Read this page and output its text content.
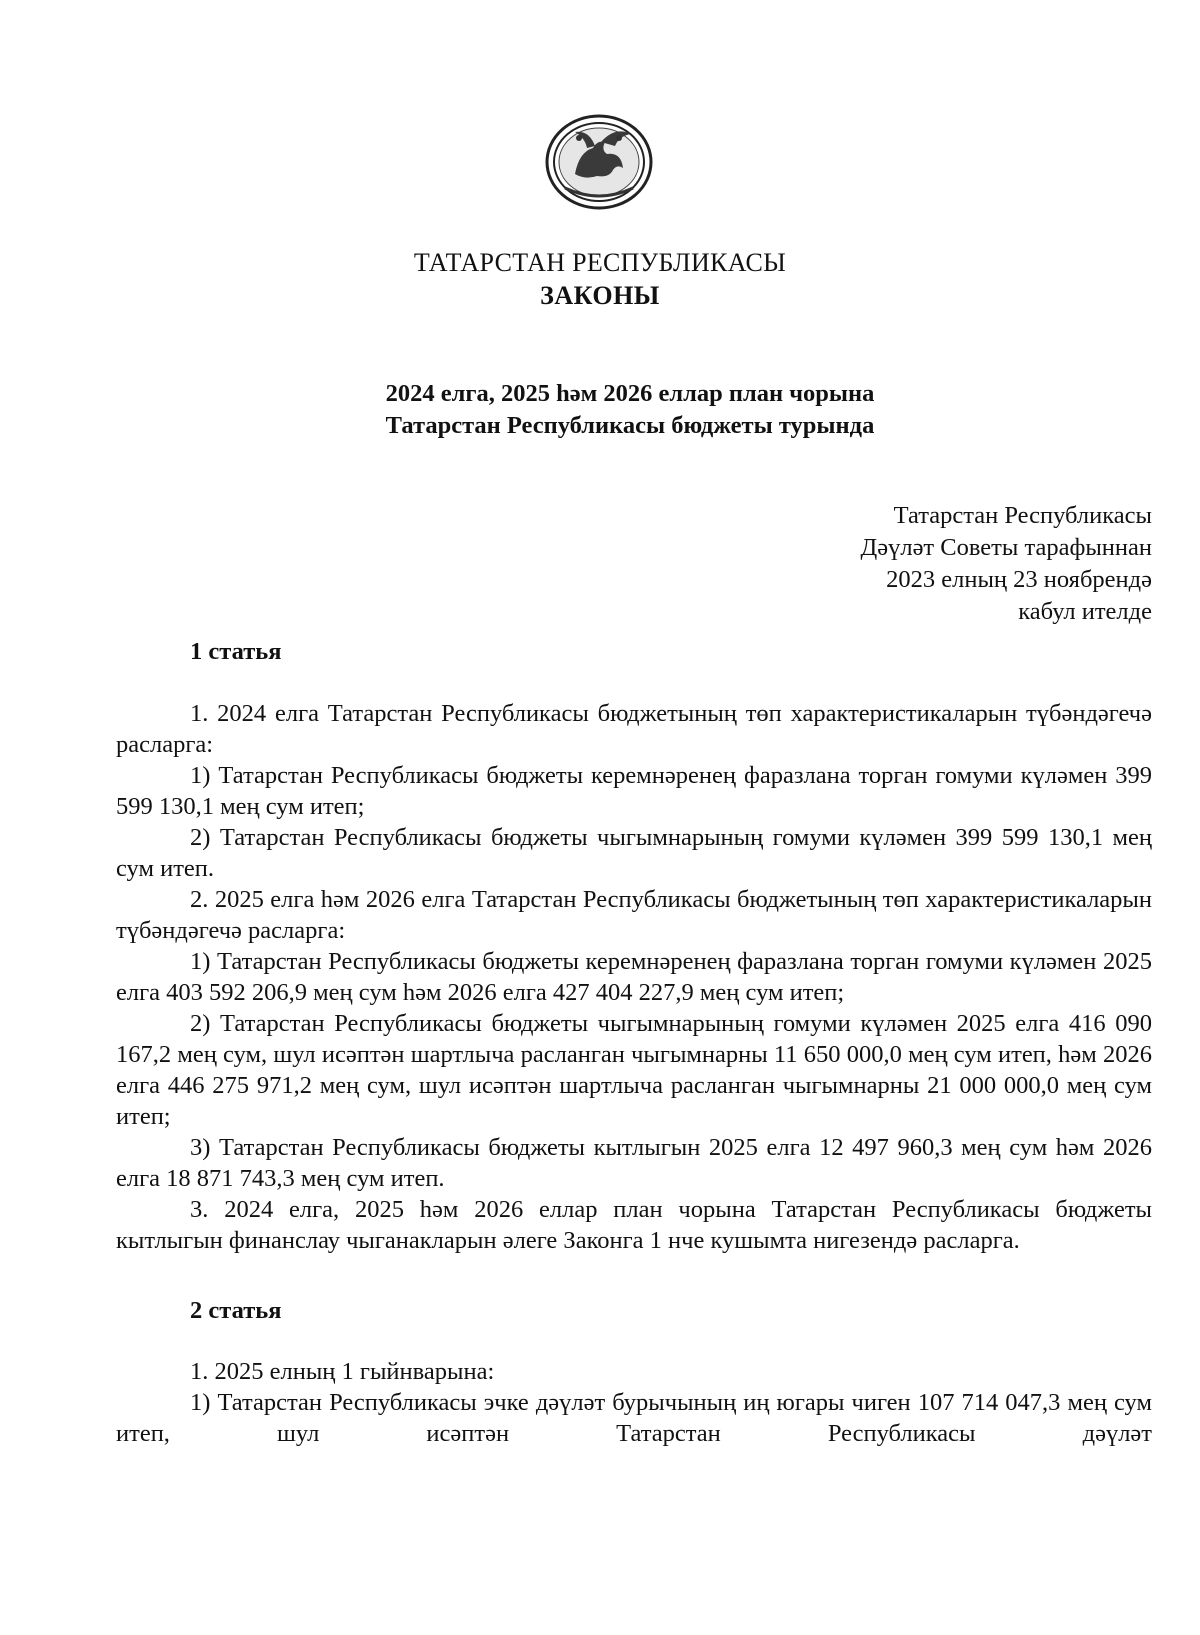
ТАТАРСТАН РЕСПУБЛИКАСЫ
ЗАКОНЫ
2024 елга, 2025 һәм 2026 еллар план чорына
Татарстан Республикасы бюджеты турында
Татарстан Республикасы
Дәүләт Советы тарафыннан
2023 елның 23 ноябрендә
кабул ителде
1 статья

1. 2024 елга Татарстан Республикасы бюджетының төп характеристикаларын түбәндәгечә расларга:

1) Татарстан Республикасы бюджеты керемнәренең фаразлана торган гомуми күләмен 399 599 130,1 мең сум итеп;

2) Татарстан Республикасы бюджеты чыгымнарының гомуми күләмен 399 599 130,1 мең сум итеп.

2. 2025 елга һәм 2026 елга Татарстан Республикасы бюджетының төп характеристикаларын түбәндәгечә расларга:

1) Татарстан Республикасы бюджеты керемнәренең фаразлана торган гомуми күләмен 2025 елга 403 592 206,9 мең сум һәм 2026 елга 427 404 227,9 мең сум итеп;

2) Татарстан Республикасы бюджеты чыгымнарының гомуми күләмен 2025 елга 416 090 167,2 мең сум, шул исәптән шартлыча расланган чыгымнарны 11 650 000,0 мең сум итеп, һәм 2026 елга 446 275 971,2 мең сум, шул исәптән шартлыча расланган чыгымнарны 21 000 000,0 мең сум итеп;

3) Татарстан Республикасы бюджеты кытлыгын 2025 елга 12 497 960,3 мең сум һәм 2026 елга 18 871 743,3 мең сум итеп.

3. 2024 елга, 2025 һәм 2026 еллар план чорына Татарстан Республикасы бюджеты кытлыгын финанслау чыганакларын әлеге Законга 1 нче кушымта нигезендә расларга.

2 статья

1. 2025 елның 1 гыйнварына:

1) Татарстан Республикасы эчке дәүләт бурычының иң югары чиген 107 714 047,3 мең сум итеп, шул исәптән Татарстан Республикасы дәүләт
